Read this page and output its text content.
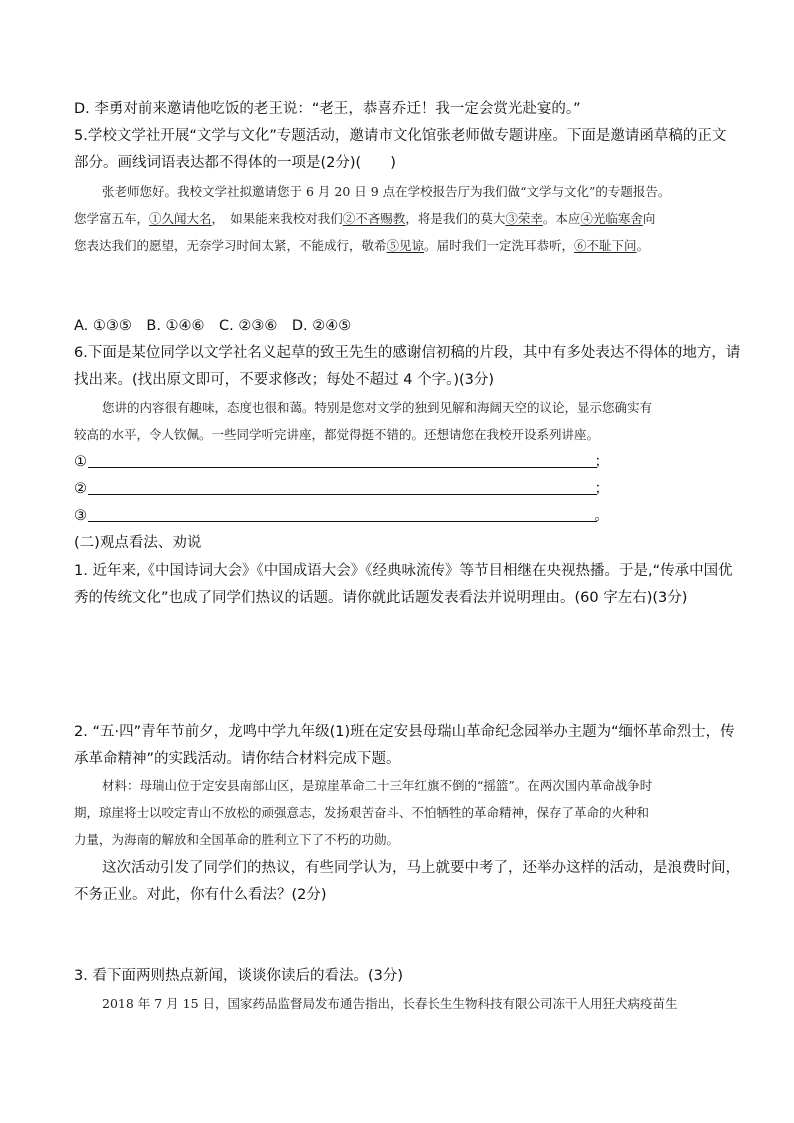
D. 李勇对前来邀请他吃饭的老王说：“老王，恭喜乔迁！我一定会赏光赴宴的。”
5.学校文学社开展“文学与文化”专题活动，邀请市文化馆张老师做专题讲座。下面是邀请函草稿的正文
部分。画线词语表达都不得体的一项是(2分)(　　)
张老师您好。我校文学社拟邀请您于 6 月 20 日 9 点在学校报告厅为我们做“文学与文化”的专题报告。
您学富五车，①久闻大名，　如果能来我校对我们②不吝赐教，将是我们的莫大③荣幸。本应④光临寒舍向
您表达我们的愿望，无奈学习时间太紧，不能成行，敬希⑤见谅。届时我们一定洗耳恭听，⑥不耻下问。
A. ①③⑤　B. ①④⑥　C. ②③⑥　D. ②④⑤
6.下面是某位同学以文学社名义起草的致王先生的感谢信初稿的片段，其中有多处表达不得体的地方，请
找出来。(找出原文即可，不要求修改；每处不超过 4 个字。)(3分)
您讲的内容很有趣味，态度也很和蔼。特别是您对文学的独到见解和海阔天空的议论，显示您确实有
较高的水平，令人钦佩。一些同学听完讲座，都觉得挺不错的。还想请您在我校开设系列讲座。
①	；
②	；
③	。
(二)观点看法、劝说
1. 近年来,《中国诗词大会》《中国成语大会》《经典咏流传》等节目相继在央视热播。于是,“传承中国优
秀的传统文化”也成了同学们热议的话题。请你就此话题发表看法并说明理由。(60 字左右)(3分)
2. “五·四”青年节前夕，龙鸣中学九年级(1)班在定安县母瑞山革命纪念园举办主题为“缅怀革命烈士，传
承革命精神”的实践活动。请你结合材料完成下题。
材料：母瑞山位于定安县南部山区，是琼崖革命二十三年红旗不倒的“摇篮”。在两次国内革命战争时
期，琼崖将士以咬定青山不放松的顽强意志，发扬艰苦奋斗、不怕牺牲的革命精神，保存了革命的火种和
力量，为海南的解放和全国革命的胜利立下了不朽的功勋。
这次活动引发了同学们的热议，有些同学认为，马上就要中考了，还举办这样的活动，是浪费时间，
不务正业。对此，你有什么看法？(2分)
3. 看下面两则热点新闻，谈谈你读后的看法。(3分)
2018 年 7 月 15 日，国家药品监督局发布通告指出，长春长生生物科技有限公司冻干人用狂犬病疫苗生
